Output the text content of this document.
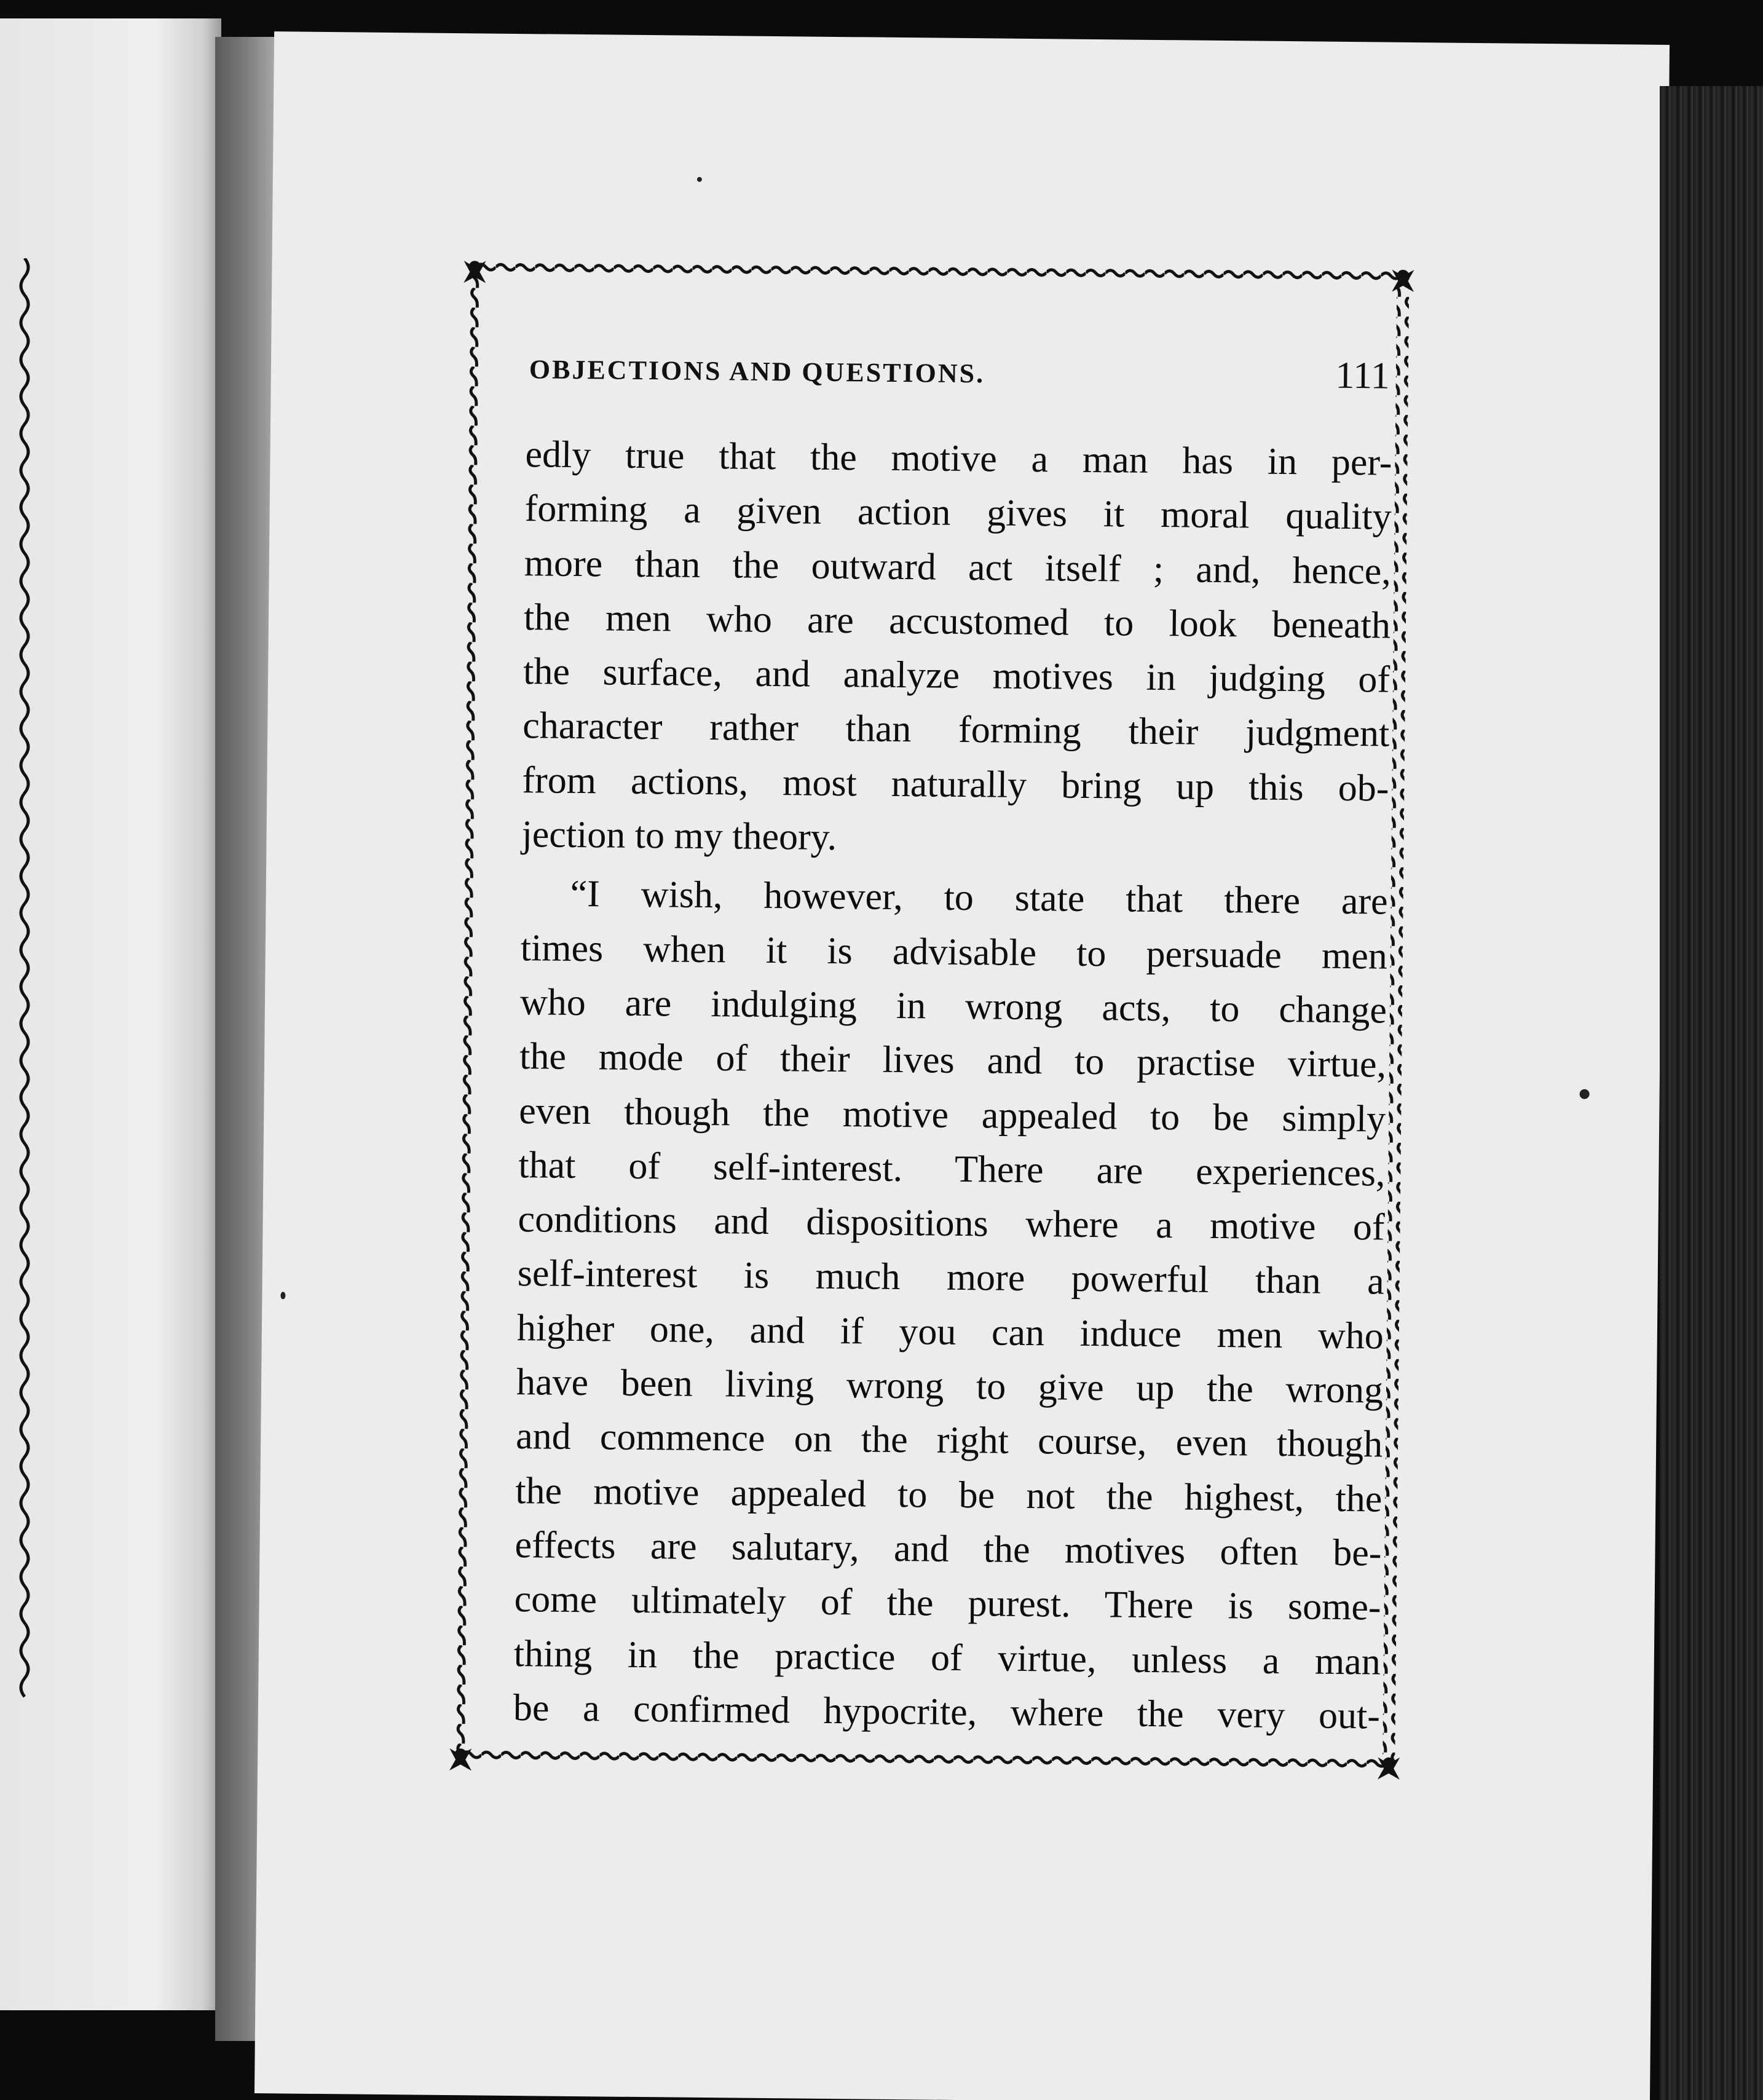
OBJECTIONS AND QUESTIONS.	111
edly true that the motive a man has in per-
forming a given action gives it moral quality
more than the outward act itself ; and, hence,
the men who are accustomed to look beneath
the surface, and analyze motives in judging of
character rather than forming their judgment
from actions, most naturally bring up this ob-
jection to my theory.
“I wish, however, to state that there are
times when it is advisable to persuade men
who are indulging in wrong acts, to change
the mode of their lives and to practise virtue,
even though the motive appealed to be simply
that of self-interest. There are experiences,
conditions and dispositions where a motive of
self-interest is much more powerful than a
higher one, and if you can induce men who
have been living wrong to give up the wrong
and commence on the right course, even though
the motive appealed to be not the highest, the
effects are salutary, and the motives often be-
come ultimately of the purest. There is some-
thing in the practice of virtue, unless a man
be a confirmed hypocrite, where the very out-
